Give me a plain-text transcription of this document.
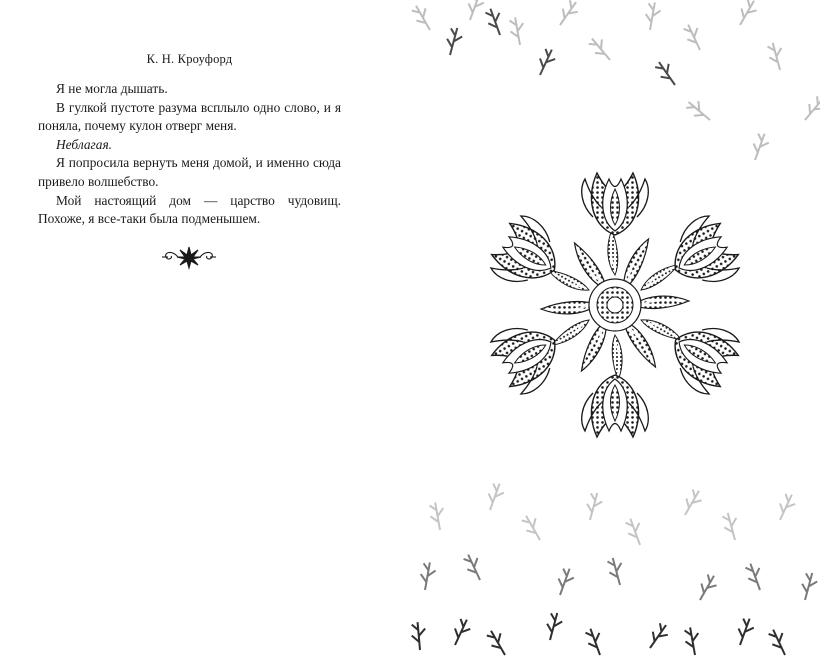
К. Н. Кроуфорд

Я не могла дышать.

В гулкой пустоте разума всплыло одно слово, и я поняла, почему кулон отверг меня.

Неблагая.

Я попросила вернуть меня домой, и именно сюда привело волшебство.

Мой настоящий дом — царство чудовищ. Похоже, я все-таки была подменышем.
